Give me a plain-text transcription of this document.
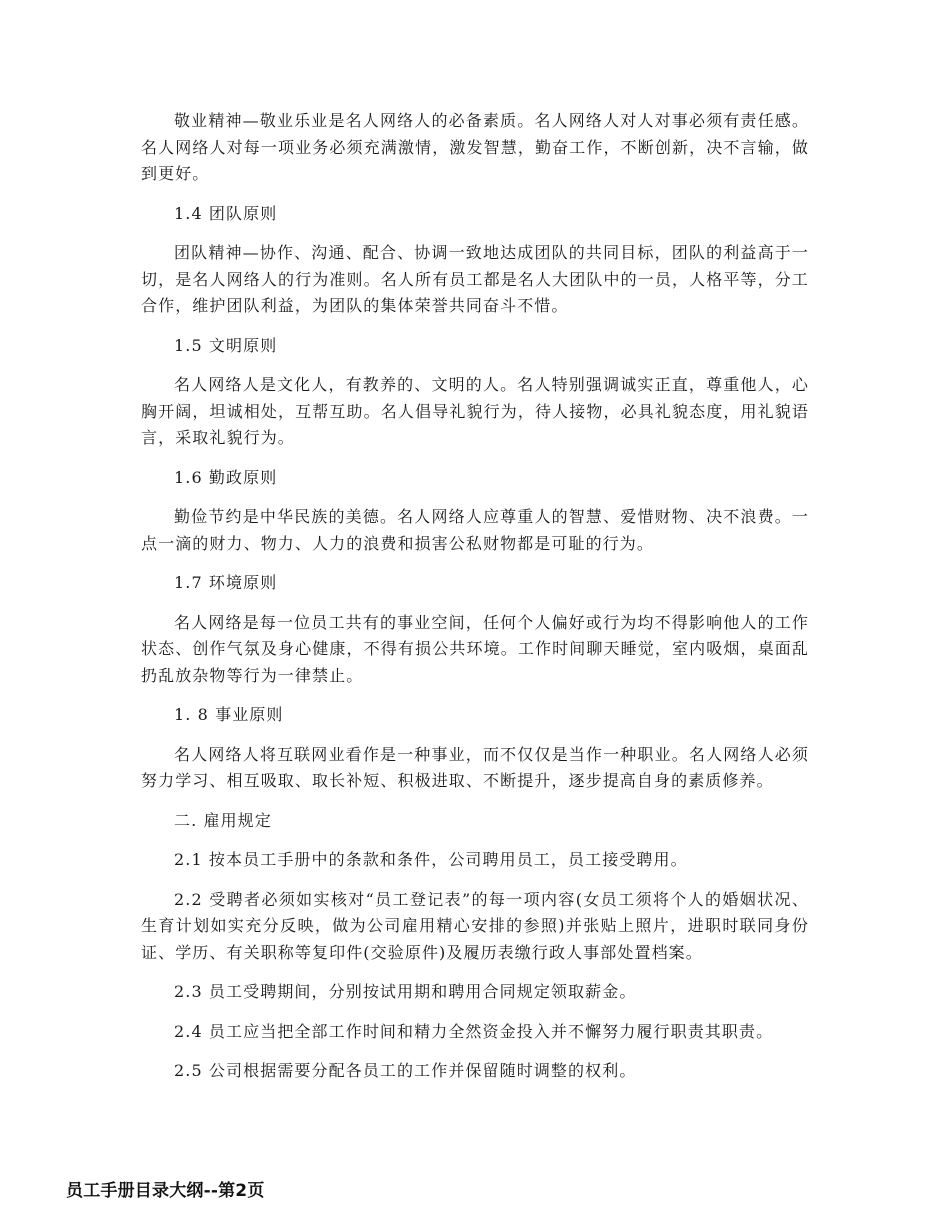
敬业精神—敬业乐业是名人网络人的必备素质。名人网络人对人对事必须有责任感。名人网络人对每一项业务必须充满激情，激发智慧，勤奋工作，不断创新，决不言输，做到更好。

1.4 团队原则

团队精神—协作、沟通、配合、协调一致地达成团队的共同目标，团队的利益高于一切，是名人网络人的行为准则。名人所有员工都是名人大团队中的一员，人格平等，分工合作，维护团队利益，为团队的集体荣誉共同奋斗不惜。

1.5 文明原则

名人网络人是文化人，有教养的、文明的人。名人特别强调诚实正直，尊重他人，心胸开阔，坦诚相处，互帮互助。名人倡导礼貌行为，待人接物，必具礼貌态度，用礼貌语言，采取礼貌行为。

1.6 勤政原则

勤俭节约是中华民族的美德。名人网络人应尊重人的智慧、爱惜财物、决不浪费。一点一滴的财力、物力、人力的浪费和损害公私财物都是可耻的行为。

1.7 环境原则

名人网络是每一位员工共有的事业空间，任何个人偏好或行为均不得影响他人的工作状态、创作气氛及身心健康，不得有损公共环境。工作时间聊天睡觉，室内吸烟，桌面乱扔乱放杂物等行为一律禁止。

1. 8 事业原则

名人网络人将互联网业看作是一种事业，而不仅仅是当作一种职业。名人网络人必须努力学习、相互吸取、取长补短、积极进取、不断提升，逐步提高自身的素质修养。

二. 雇用规定

2.1 按本员工手册中的条款和条件，公司聘用员工，员工接受聘用。

2.2 受聘者必须如实核对“员工登记表”的每一项内容(女员工须将个人的婚姻状况、生育计划如实充分反映，做为公司雇用精心安排的参照)并张贴上照片，进职时联同身份证、学历、有关职称等复印件(交验原件)及履历表缴行政人事部处置档案。

2.3 员工受聘期间，分别按试用期和聘用合同规定领取薪金。

2.4 员工应当把全部工作时间和精力全然资金投入并不懈努力履行职责其职责。

2.5 公司根据需要分配各员工的工作并保留随时调整的权利。

员工手册目录大纲--第2页
